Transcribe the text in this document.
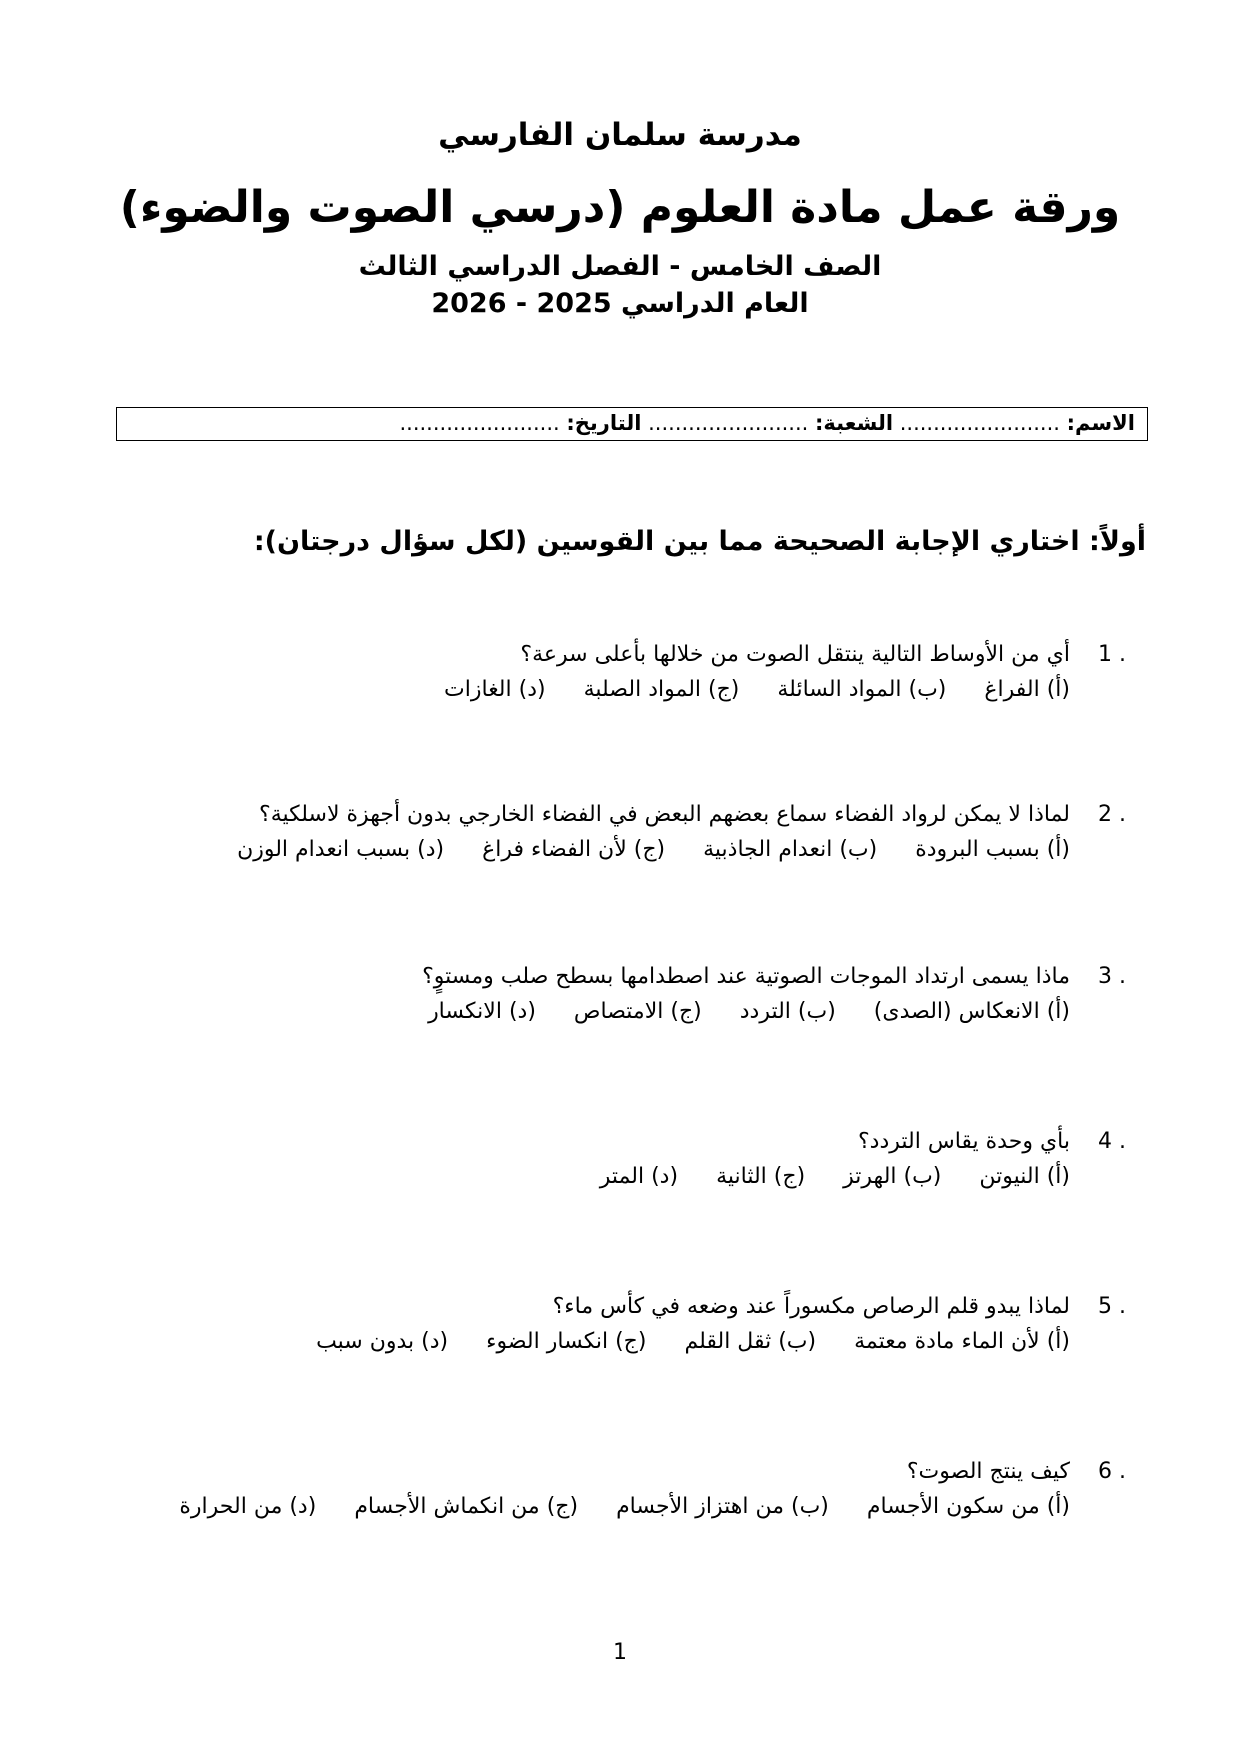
مدرسة سلمان الفارسي
ورقة عمل مادة العلوم (درسي الصوت والضوء)
الصف الخامس - الفصل الدراسي الثالث
العام الدراسي 2025 - 2026
الاسم: ........................ الشعبة: ........................ التاريخ: ........................
أولاً: اختاري الإجابة الصحيحة مما بين القوسين (لكل سؤال درجتان):
1 .
أي من الأوساط التالية ينتقل الصوت من خلالها بأعلى سرعة؟
(أ) الفراغ
(ب) المواد السائلة
(ج) المواد الصلبة
(د) الغازات
2 .
لماذا لا يمكن لرواد الفضاء سماع بعضهم البعض في الفضاء الخارجي بدون أجهزة لاسلكية؟
(أ) بسبب البرودة
(ب) انعدام الجاذبية
(ج) لأن الفضاء فراغ
(د) بسبب انعدام الوزن
3 .
ماذا يسمى ارتداد الموجات الصوتية عند اصطدامها بسطح صلب ومستوٍ؟
(أ) الانعكاس (الصدى)
(ب) التردد
(ج) الامتصاص
(د) الانكسار
4 .
بأي وحدة يقاس التردد؟
(أ) النيوتن
(ب) الهرتز
(ج) الثانية
(د) المتر
5 .
لماذا يبدو قلم الرصاص مكسوراً عند وضعه في كأس ماء؟
(أ) لأن الماء مادة معتمة
(ب) ثقل القلم
(ج) انكسار الضوء
(د) بدون سبب
6 .
كيف ينتج الصوت؟
(أ) من سكون الأجسام
(ب) من اهتزاز الأجسام
(ج) من انكماش الأجسام
(د) من الحرارة
1
